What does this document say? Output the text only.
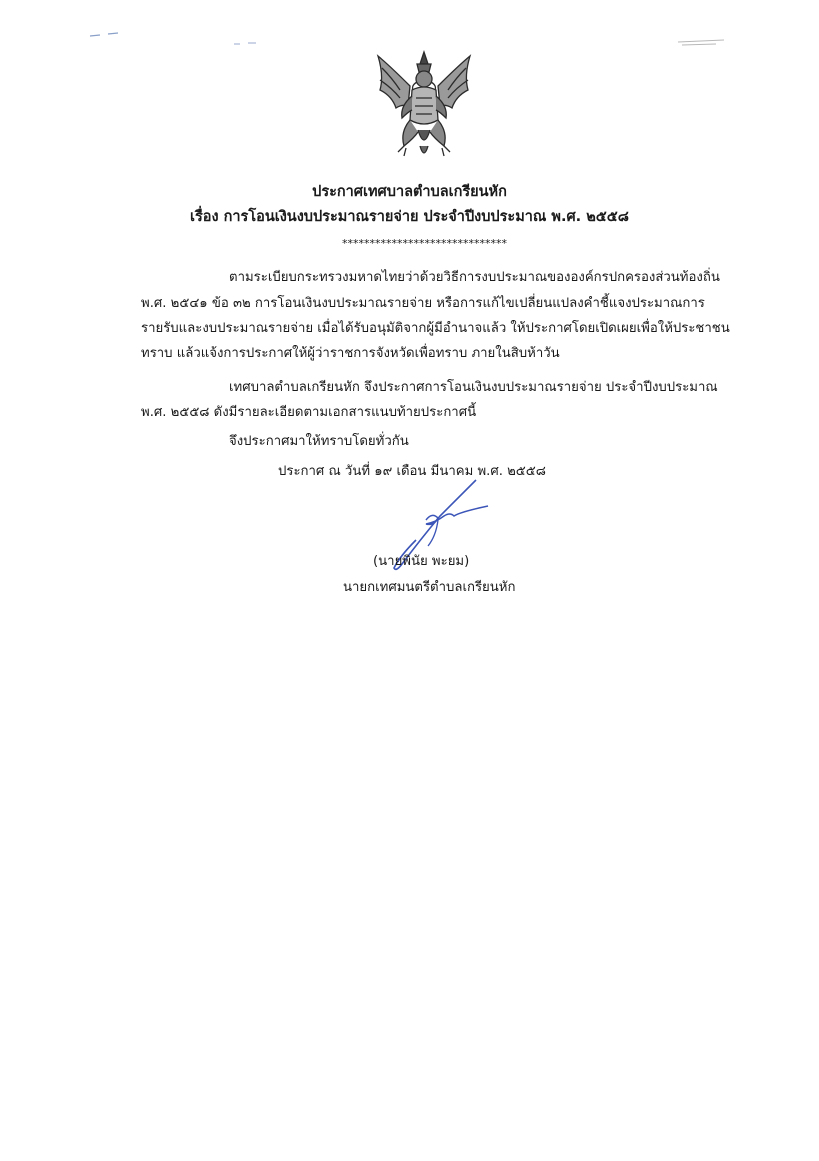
ประกาศเทศบาลตำบลเกรียนหัก
เรื่อง การโอนเงินงบประมาณรายจ่าย ประจำปีงบประมาณ พ.ศ. ๒๕๕๘
******************************
ตามระเบียบกระทรวงมหาดไทยว่าด้วยวิธีการงบประมาณขององค์กรปกครองส่วนท้องถิ่น
พ.ศ. ๒๕๔๑ ข้อ ๓๒ การโอนเงินงบประมาณรายจ่าย หรือการแก้ไขเปลี่ยนแปลงคำชี้แจงประมาณการ
รายรับและงบประมาณรายจ่าย เมื่อได้รับอนุมัติจากผู้มีอำนาจแล้ว ให้ประกาศโดยเปิดเผยเพื่อให้ประชาชน
ทราบ แล้วแจ้งการประกาศให้ผู้ว่าราชการจังหวัดเพื่อทราบ ภายในสิบห้าวัน
เทศบาลตำบลเกรียนหัก จึงประกาศการโอนเงินงบประมาณรายจ่าย ประจำปีงบประมาณ
พ.ศ. ๒๕๕๘ ดังมีรายละเอียดตามเอกสารแนบท้ายประกาศนี้
จึงประกาศมาให้ทราบโดยทั่วกัน
ประกาศ ณ วันที่ ๑๙ เดือน มีนาคม พ.ศ. ๒๕๕๘
(นายพินัย พะยม)
นายกเทศมนตรีตำบลเกรียนหัก
